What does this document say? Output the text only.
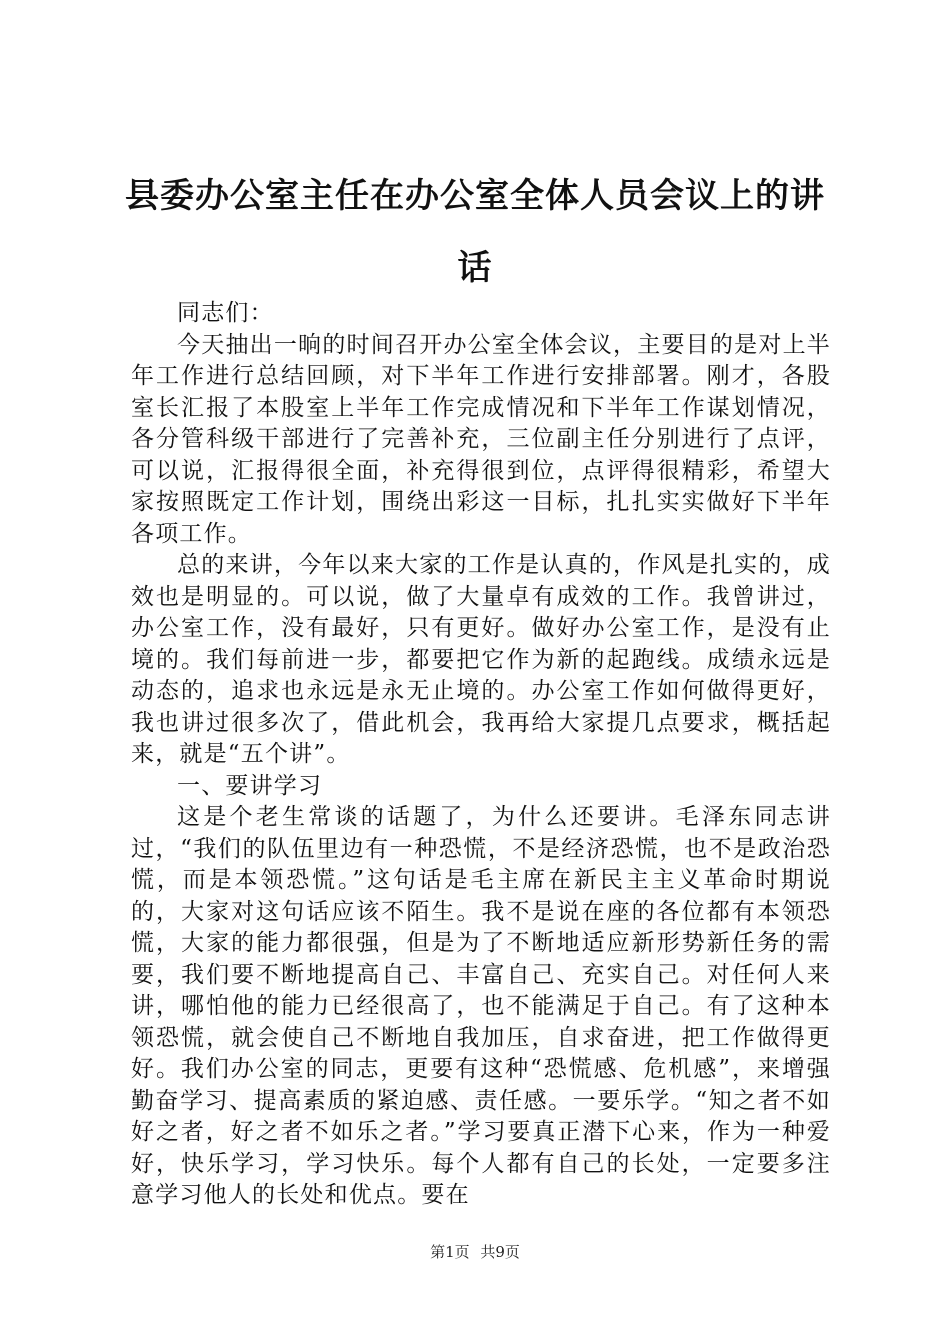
县委办公室主任在办公室全体人员会议上的讲话

同志们：

今天抽出一晌的时间召开办公室全体会议，主要目的是对上半年工作进行总结回顾，对下半年工作进行安排部署。刚才，各股室长汇报了本股室上半年工作完成情况和下半年工作谋划情况，各分管科级干部进行了完善补充，三位副主任分别进行了点评，可以说，汇报得很全面，补充得很到位，点评得很精彩，希望大家按照既定工作计划，围绕出彩这一目标，扎扎实实做好下半年各项工作。

总的来讲，今年以来大家的工作是认真的，作风是扎实的，成效也是明显的。可以说，做了大量卓有成效的工作。我曾讲过，办公室工作，没有最好，只有更好。做好办公室工作，是没有止境的。我们每前进一步，都要把它作为新的起跑线。成绩永远是动态的，追求也永远是永无止境的。办公室工作如何做得更好，我也讲过很多次了，借此机会，我再给大家提几点要求，概括起来，就是“五个讲”。

一、要讲学习

这是个老生常谈的话题了，为什么还要讲。毛泽东同志讲过，“我们的队伍里边有一种恐慌，不是经济恐慌，也不是政治恐慌，而是本领恐慌。”这句话是毛主席在新民主主义革命时期说的，大家对这句话应该不陌生。我不是说在座的各位都有本领恐慌，大家的能力都很强，但是为了不断地适应新形势新任务的需要，我们要不断地提高自己、丰富自己、充实自己。对任何人来讲，哪怕他的能力已经很高了，也不能满足于自己。有了这种本领恐慌，就会使自己不断地自我加压，自求奋进，把工作做得更好。我们办公室的同志，更要有这种“恐慌感、危机感”，来增强勤奋学习、提高素质的紧迫感、责任感。一要乐学。“知之者不如好之者，好之者不如乐之者。”学习要真正潜下心来，作为一种爱好，快乐学习，学习快乐。每个人都有自己的长处，一定要多注意学习他人的长处和优点。要在

第1页 共9页
